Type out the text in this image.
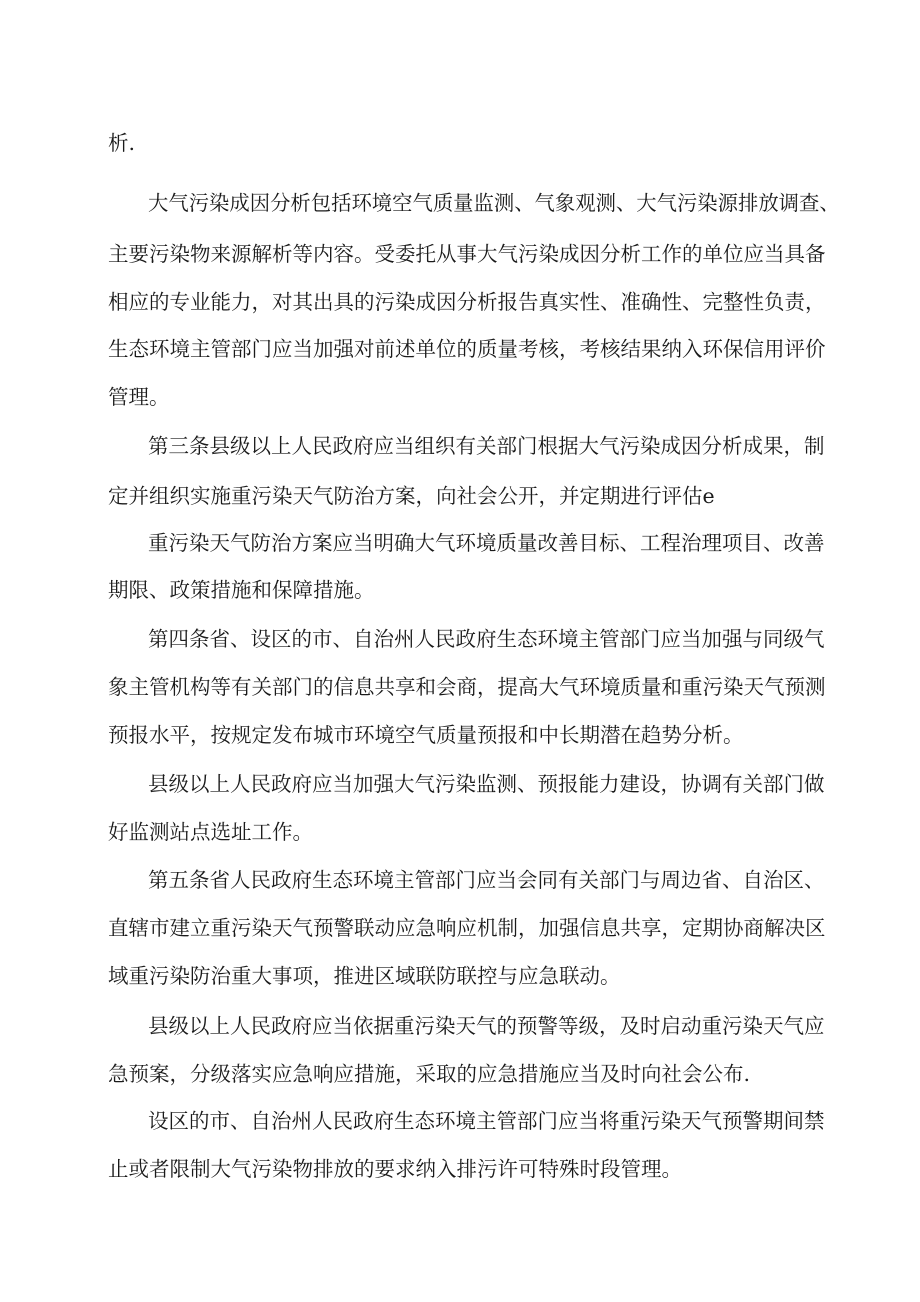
析.

大气污染成因分析包括环境空气质量监测、气象观测、大气污染源排放调查、

主要污染物来源解析等内容。受委托从事大气污染成因分析工作的单位应当具备

相应的专业能力，对其出具的污染成因分析报告真实性、准确性、完整性负责，

生态环境主管部门应当加强对前述单位的质量考核，考核结果纳入环保信用评价

管理。

第三条县级以上人民政府应当组织有关部门根据大气污染成因分析成果，制

定并组织实施重污染天气防治方案，向社会公开，并定期进行评估e

重污染天气防治方案应当明确大气环境质量改善目标、工程治理项目、改善

期限、政策措施和保障措施。

第四条省、设区的市、自治州人民政府生态环境主管部门应当加强与同级气

象主管机构等有关部门的信息共享和会商，提高大气环境质量和重污染天气预测

预报水平，按规定发布城市环境空气质量预报和中长期潜在趋势分析。

县级以上人民政府应当加强大气污染监测、预报能力建设，协调有关部门做

好监测站点选址工作。

第五条省人民政府生态环境主管部门应当会同有关部门与周边省、自治区、

直辖市建立重污染天气预警联动应急响应机制，加强信息共享，定期协商解决区

域重污染防治重大事项，推进区域联防联控与应急联动。

县级以上人民政府应当依据重污染天气的预警等级，及时启动重污染天气应

急预案，分级落实应急响应措施，采取的应急措施应当及时向社会公布.

设区的市、自治州人民政府生态环境主管部门应当将重污染天气预警期间禁

止或者限制大气污染物排放的要求纳入排污许可特殊时段管理。
